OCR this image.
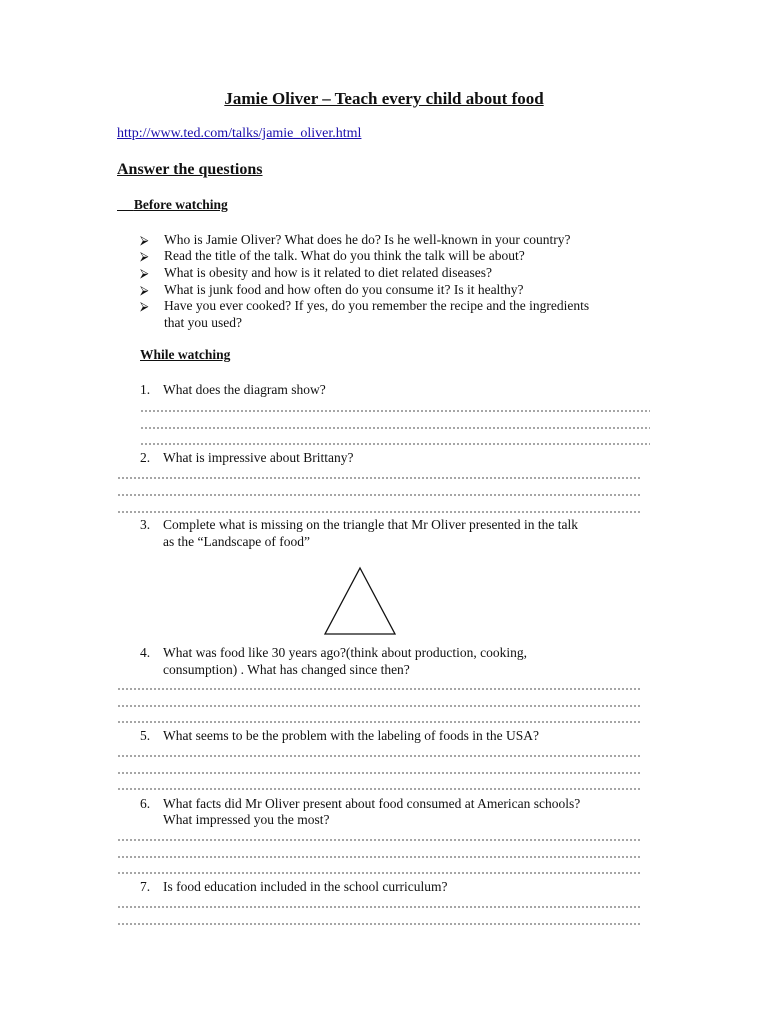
Jamie Oliver – Teach every child about food
http://www.ted.com/talks/jamie_oliver.html
Answer the questions
Before watching
⮚ Who is Jamie Oliver? What does he do? Is he well-known in your country?
⮚ Read the title of the talk. What do you think the talk will be about?
⮚ What is obesity and how is it related to diet related diseases?
⮚ What is junk food and how often do you consume it? Is it healthy?
⮚ Have you ever cooked? If yes, do you remember the recipe and the ingredients
that you used?
While watching
1. What does the diagram show?
2. What is impressive about Brittany?
3. Complete what is missing on the triangle that Mr Oliver presented in the talk
as the “Landscape of food”
4. What was food like 30 years ago?(think about production, cooking,
consumption) . What has changed since then?
5. What seems to be the problem with the labeling of foods in the USA?
6. What facts did Mr Oliver present about food consumed at American schools?
What impressed you the most?
7. Is food education included in the school curriculum?
